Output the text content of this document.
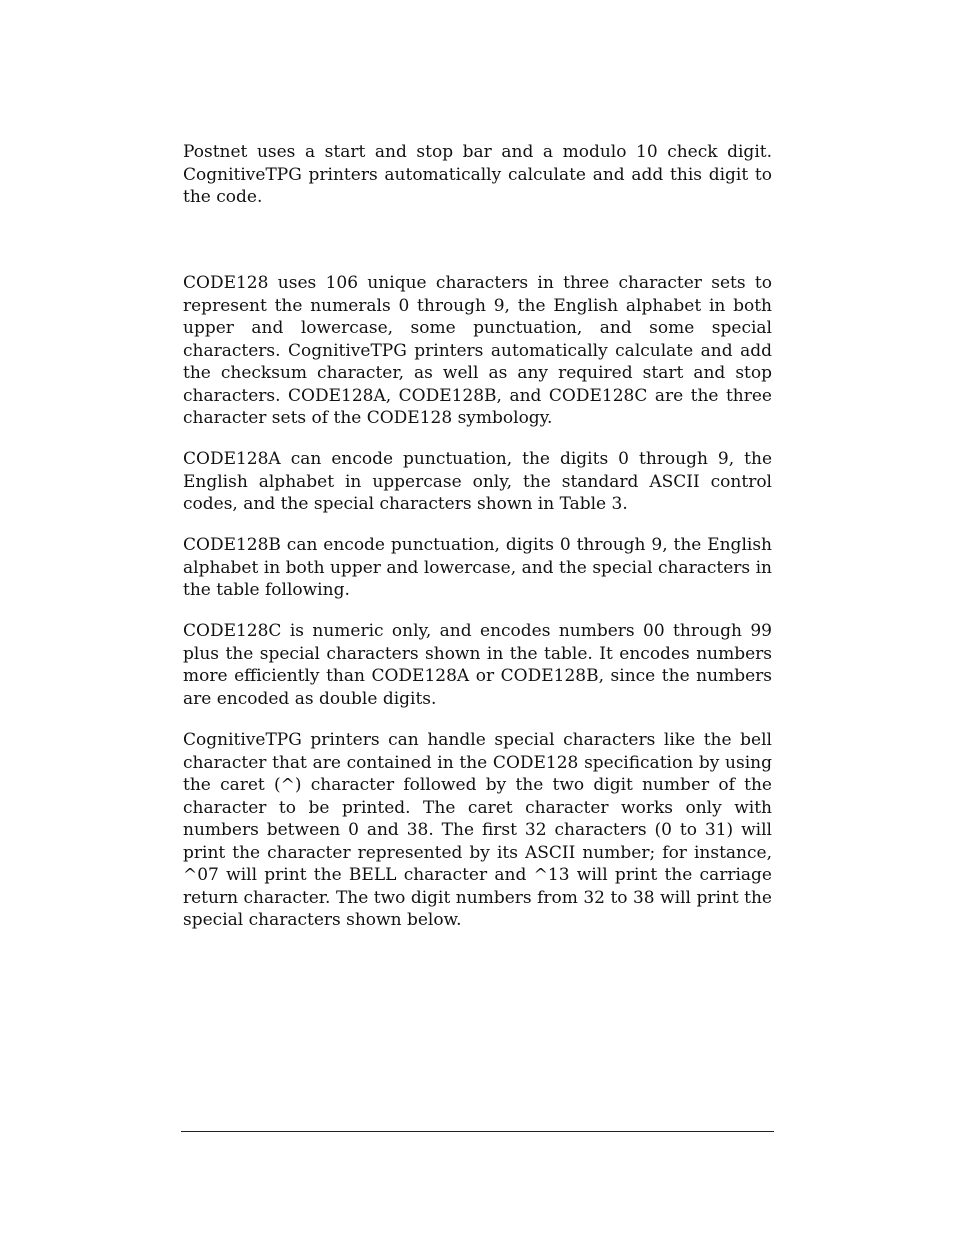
Postnet uses a start and stop bar and a modulo 10 check digit. CognitiveTPG printers automatically calculate and add this digit to the code.

CODE128 uses 106 unique characters in three character sets to represent the numerals 0 through 9, the English alphabet in both upper and lowercase, some punctuation, and some special characters. CognitiveTPG printers automatically calculate and add the checksum character, as well as any required start and stop characters. CODE128A, CODE128B, and CODE128C are the three character sets of the CODE128 symbology.

CODE128A can encode punctuation, the digits 0 through 9, the English alphabet in uppercase only, the standard ASCII control codes, and the special characters shown in Table 3.

CODE128B can encode punctuation, digits 0 through 9, the English alphabet in both upper and lowercase, and the special characters in the table following.

CODE128C is numeric only, and encodes numbers 00 through 99 plus the special characters shown in the table. It encodes numbers more efficiently than CODE128A or CODE128B, since the numbers are encoded as double digits.

CognitiveTPG printers can handle special characters like the bell character that are contained in the CODE128 specification by using the caret (^) character followed by the two digit number of the character to be printed. The caret character works only with numbers between 0 and 38. The first 32 characters (0 to 31) will print the character represented by its ASCII number; for instance, ^07 will print the BELL character and ^13 will print the carriage return character. The two digit numbers from 32 to 38 will print the special characters shown below.
